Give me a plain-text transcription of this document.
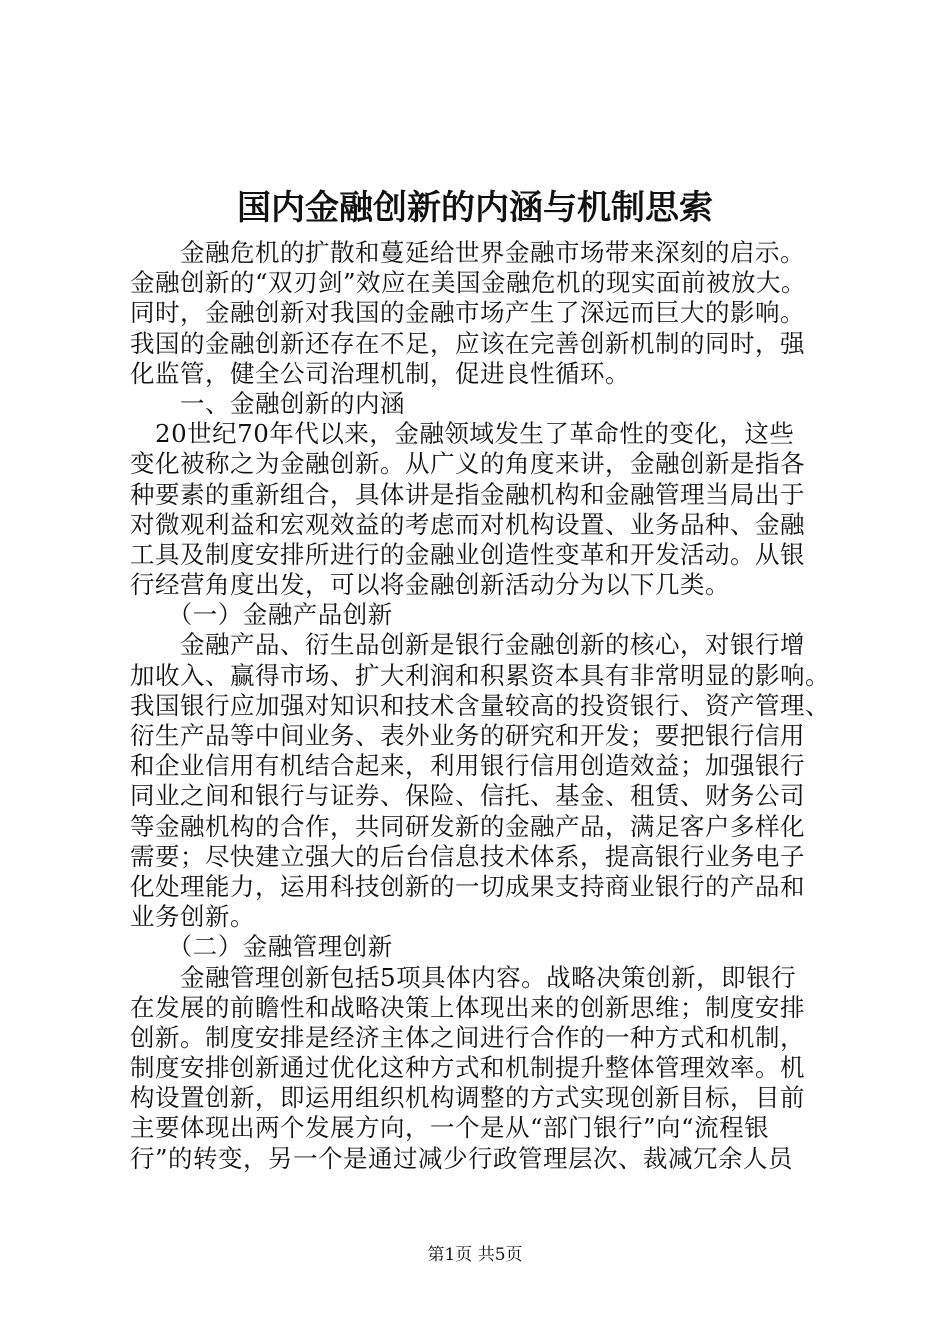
国内金融创新的内涵与机制思索
　　金融危机的扩散和蔓延给世界金融市场带来深刻的启示。
金融创新的“双刃剑”效应在美国金融危机的现实面前被放大。
同时，金融创新对我国的金融市场产生了深远而巨大的影响。
我国的金融创新还存在不足，应该在完善创新机制的同时，强
化监管，健全公司治理机制，促进良性循环。
　　一、金融创新的内涵
　20世纪70年代以来，金融领域发生了革命性的变化，这些
变化被称之为金融创新。从广义的角度来讲，金融创新是指各
种要素的重新组合，具体讲是指金融机构和金融管理当局出于
对微观利益和宏观效益的考虑而对机构设置、业务品种、金融
工具及制度安排所进行的金融业创造性变革和开发活动。从银
行经营角度出发，可以将金融创新活动分为以下几类。
　　（一）金融产品创新
　　金融产品、衍生品创新是银行金融创新的核心，对银行增
加收入、赢得市场、扩大利润和积累资本具有非常明显的影响。
我国银行应加强对知识和技术含量较高的投资银行、资产管理、
衍生产品等中间业务、表外业务的研究和开发；要把银行信用
和企业信用有机结合起来，利用银行信用创造效益；加强银行
同业之间和银行与证券、保险、信托、基金、租赁、财务公司
等金融机构的合作，共同研发新的金融产品，满足客户多样化
需要；尽快建立强大的后台信息技术体系，提高银行业务电子
化处理能力，运用科技创新的一切成果支持商业银行的产品和
业务创新。
　　（二）金融管理创新
　　金融管理创新包括5项具体内容。战略决策创新，即银行
在发展的前瞻性和战略决策上体现出来的创新思维；制度安排
创新。制度安排是经济主体之间进行合作的一种方式和机制，
制度安排创新通过优化这种方式和机制提升整体管理效率。机
构设置创新，即运用组织机构调整的方式实现创新目标，目前
主要体现出两个发展方向，一个是从“部门银行”向“流程银
行”的转变，另一个是通过减少行政管理层次、裁减冗余人员
第1页 共5页
